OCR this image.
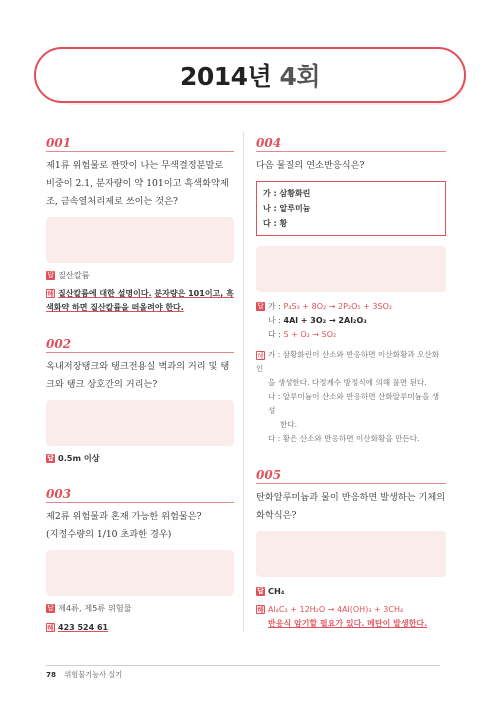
2014년 4회
001
제1류 위험물로 짠맛이 나는 무색결정분말로 비중이 2.1, 분자량이 약 101이고 흑색화약제조, 금속열처리제로 쓰이는 것은?
답 질산칼륨
해 질산칼륨에 대한 설명이다. 분자량은 101이고, 흑색화약 하면 질산칼륨을 떠올려야 한다.
002
옥내저장탱크와 탱크전용실 벽과의 거리 및 탱크와 탱크 상호간의 거리는?
답 0.5m 이상
003
제2류 위험물과 혼재 가능한 위험물은?
(지정수량의 1/10 초과한 경우)
답 제4류, 제5류 위험물
해 423 524 61
004
다음 물질의 연소반응식은?
가 : 삼황화린
나 : 알루미늄
다 : 황
답 가 : P₄S₃ + 8O₂ → 2P₂O₅ + 3SO₂
나 : 4Al + 3O₂ → 2Al₂O₃
다 : S + O₂ → SO₂
해 가 : 삼황화린이 산소와 반응하면 이산화황과 오산화인
을 생성한다. 다정계수 방정식에 의해 풀면 된다.
나 : 알루미늄이 산소와 반응하면 산화알루미늄을 생성
한다.
다 : 황은 산소와 반응하면 이산화황을 만든다.
005
탄화알루미늄과 물이 반응하면 발생하는 기체의 화학식은?
답 CH₄
해 Al₄C₃ + 12H₂O → 4Al(OH)₃ + 3CH₄
반응식 암기할 필요가 있다. 메탄이 발생한다.
78 위험물기능사 실기
